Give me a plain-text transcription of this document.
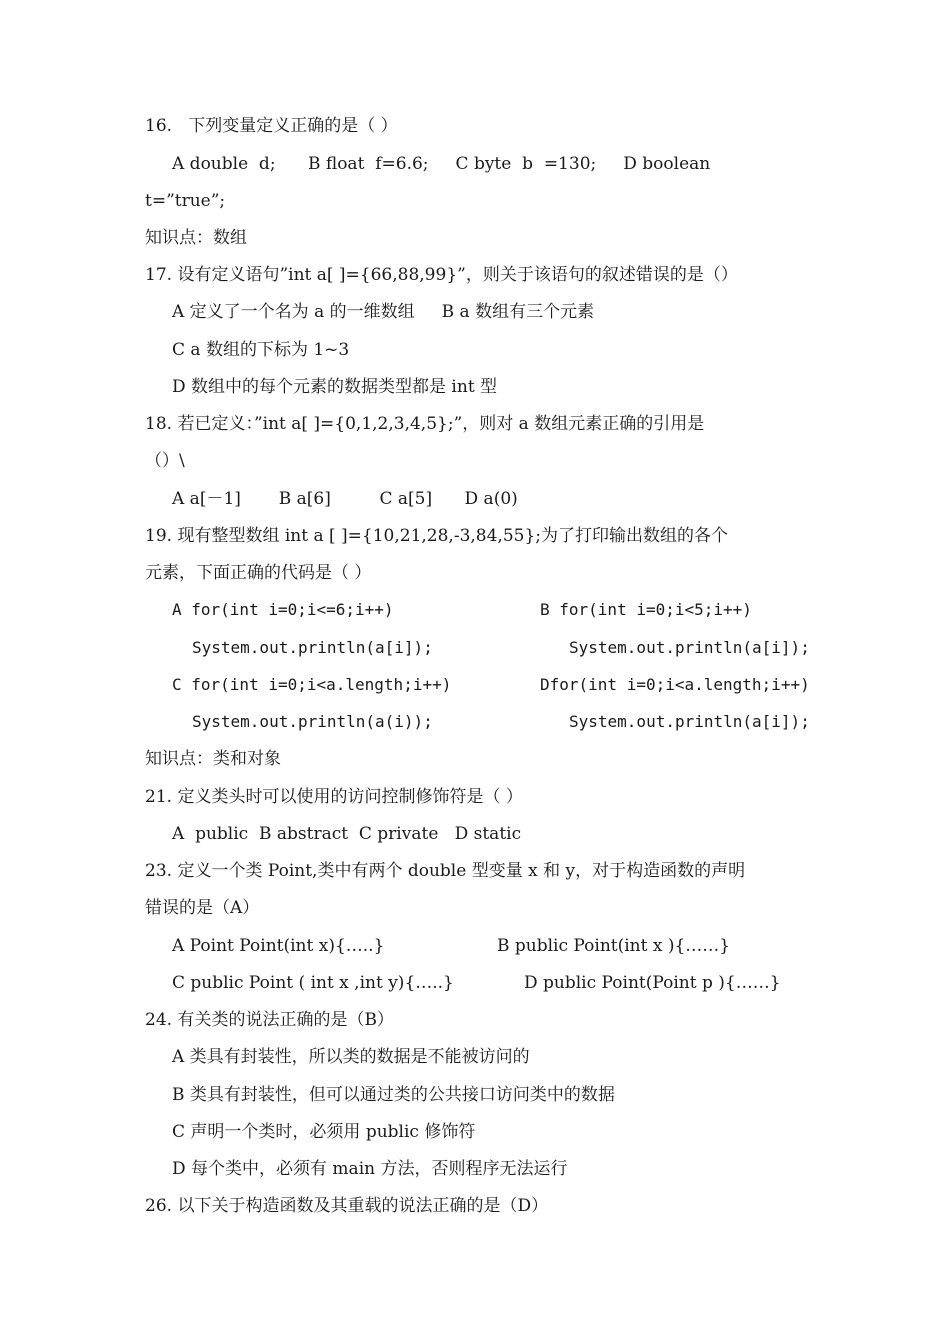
16.   下列变量定义正确的是（ ）
A double  d;      B float  f=6.6;     C byte  b  =130;     D boolean
t=”true”;
知识点：数组
17. 设有定义语句”int a[ ]={66,88,99}”，则关于该语句的叙述错误的是（）
A 定义了一个名为 a 的一维数组     B a 数组有三个元素
C a 数组的下标为 1~3
D 数组中的每个元素的数据类型都是 int 型
18. 若已定义：”int a[ ]={0,1,2,3,4,5};”，则对 a 数组元素正确的引用是
（）\
A a[－1]       B a[6]         C a[5]      D a(0)
19. 现有整型数组 int a [ ]={10,21,28,-3,84,55};为了打印输出数组的各个
元素，下面正确的代码是（ ）
A for(int i=0;i<=6;i++)	B for(int i=0;i<5;i++)
System.out.println(a[i]);	System.out.println(a[i]);
C for(int i=0;i<a.length;i++)	Dfor(int i=0;i<a.length;i++)
System.out.println(a(i));	System.out.println(a[i]);
知识点：类和对象
21. 定义类头时可以使用的访问控制修饰符是（ ）
A  public  B abstract  C private   D static
23. 定义一个类 Point,类中有两个 double 型变量 x 和 y，对于构造函数的声明
错误的是（A）
A Point Point(int x){…..}	B public Point(int x ){……}
C public Point ( int x ,int y){…..}	D public Point(Point p ){……}
24. 有关类的说法正确的是（B）
A 类具有封装性，所以类的数据是不能被访问的
B 类具有封装性，但可以通过类的公共接口访问类中的数据
C 声明一个类时，必须用 public 修饰符
D 每个类中，必须有 main 方法，否则程序无法运行
26. 以下关于构造函数及其重载的说法正确的是（D）
